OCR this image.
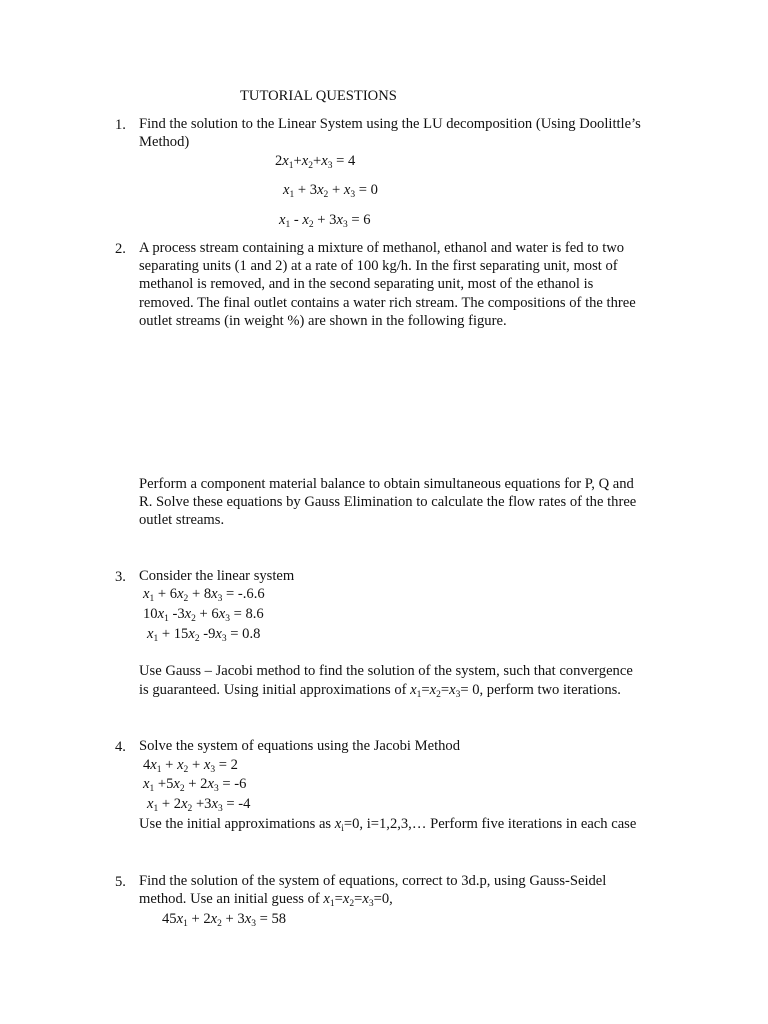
TUTORIAL QUESTIONS
1. Find the solution to the Linear System using the LU decomposition (Using Doolittle’s
Method)
$2x_1+x_2+x_3 = 4$
$x_1 + 3x_2 + x_3 = 0$
$x_1 - x_2 + 3x_3 = 6$
2. A process stream containing a mixture of methanol, ethanol and water is fed to two
separating units (1 and 2) at a rate of 100 kg/h. In the first separating unit, most of
methanol is removed, and in the second separating unit, most of the ethanol is
removed. The final outlet contains a water rich stream. The compositions of the three
outlet streams (in weight %) are shown in the following figure.
Perform a component material balance to obtain simultaneous equations for P, Q and
R. Solve these equations by Gauss Elimination to calculate the flow rates of the three
outlet streams.
3. Consider the linear system
$x_1 + 6x_2 + 8x_3 = -.6.6$
$10x_1$ $-3x_2 + 6x_3 = 8.6$
$x_1 + 15x_2$ $-9x_3 = 0.8$
Use Gauss – Jacobi method to find the solution of the system, such that convergence
is guaranteed. Using initial approximations of $x_1=x_2=x_3= 0$, perform two iterations.
4. Solve the system of equations using the Jacobi Method
$4x_1 + x_2 + x_3 = 2$
$x_1 +5x_2 + 2x_3 = -6$
$x_1 + 2x_2 +3x_3 = -4$
Use the initial approximations as $x_i=0$, i=1,2,3,… Perform five iterations in each case
5. Find the solution of the system of equations, correct to 3d.p, using Gauss-Seidel
method. Use an initial guess of $x_1=x_2=x_3=0$,
$45x_1 + 2x_2 + 3x_3 = 58$
